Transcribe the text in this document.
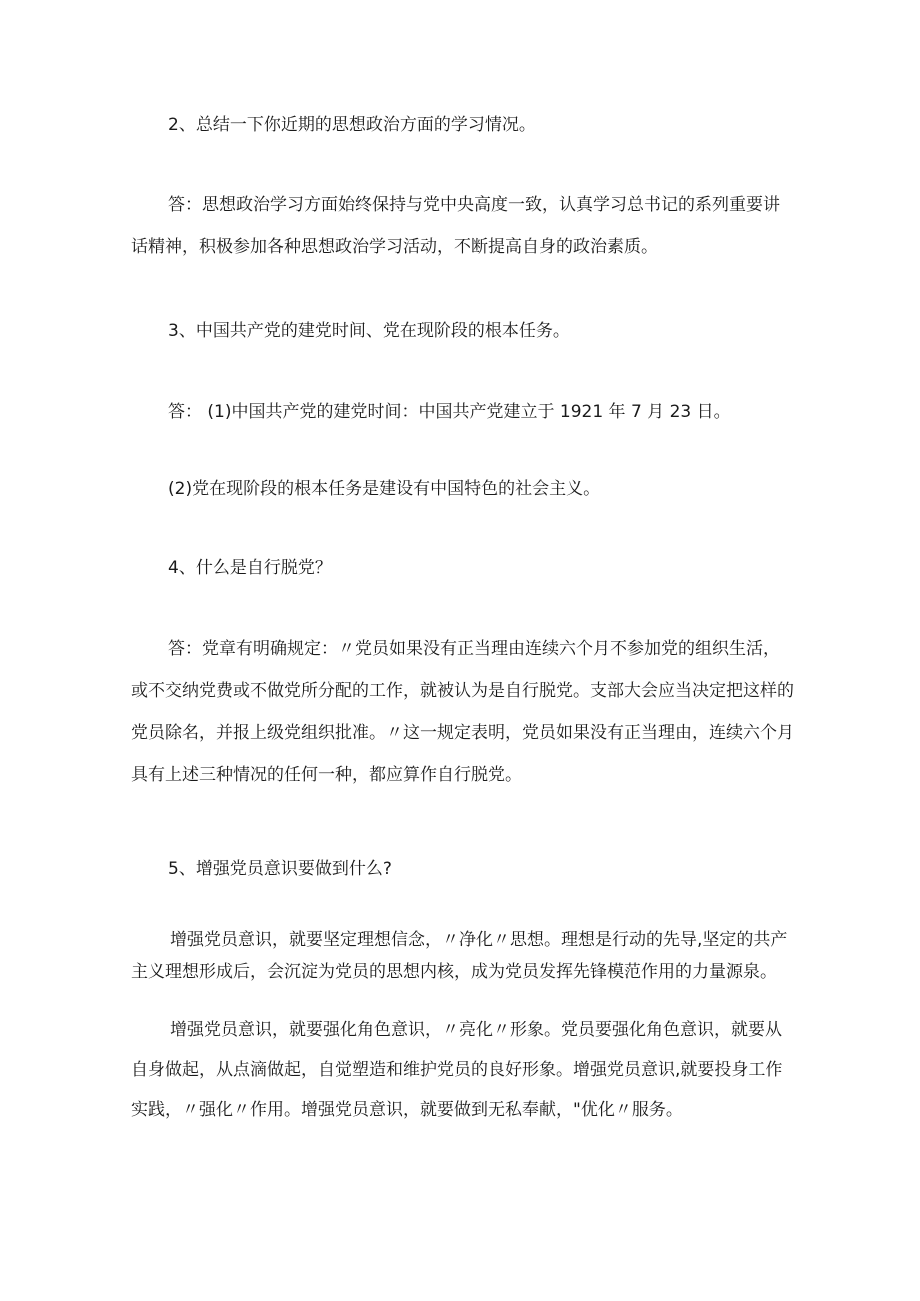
2、总结一下你近期的思想政治方面的学习情况。

答：思想政治学习方面始终保持与党中央高度一致，认真学习总书记的系列重要讲
话精神，积极参加各种思想政治学习活动，不断提高自身的政治素质。

3、中国共产党的建党时间、党在现阶段的根本任务。

答： (1)中国共产党的建党时间：中国共产党建立于 1921 年 7 月 23 日。

(2)党在现阶段的根本任务是建设有中国特色的社会主义。

4、什么是自行脱党？

答：党章有明确规定：〃党员如果没有正当理由连续六个月不参加党的组织生活，
或不交纳党费或不做党所分配的工作，就被认为是自行脱党。支部大会应当决定把这样的
党员除名，并报上级党组织批准。〃这一规定表明，党员如果没有正当理由，连续六个月
具有上述三种情况的任何一种，都应算作自行脱党。

5、增强党员意识要做到什么?

增强党员意识，就要坚定理想信念，〃净化〃思想。理想是行动的先导,坚定的共产
主义理想形成后，会沉淀为党员的思想内核，成为党员发挥先锋模范作用的力量源泉。

增强党员意识，就要强化角色意识，〃亮化〃形象。党员要强化角色意识，就要从
自身做起，从点滴做起，自觉塑造和维护党员的良好形象。增强党员意识,就要投身工作
实践，〃强化〃作用。增强党员意识，就要做到无私奉献，"优化〃服务。
